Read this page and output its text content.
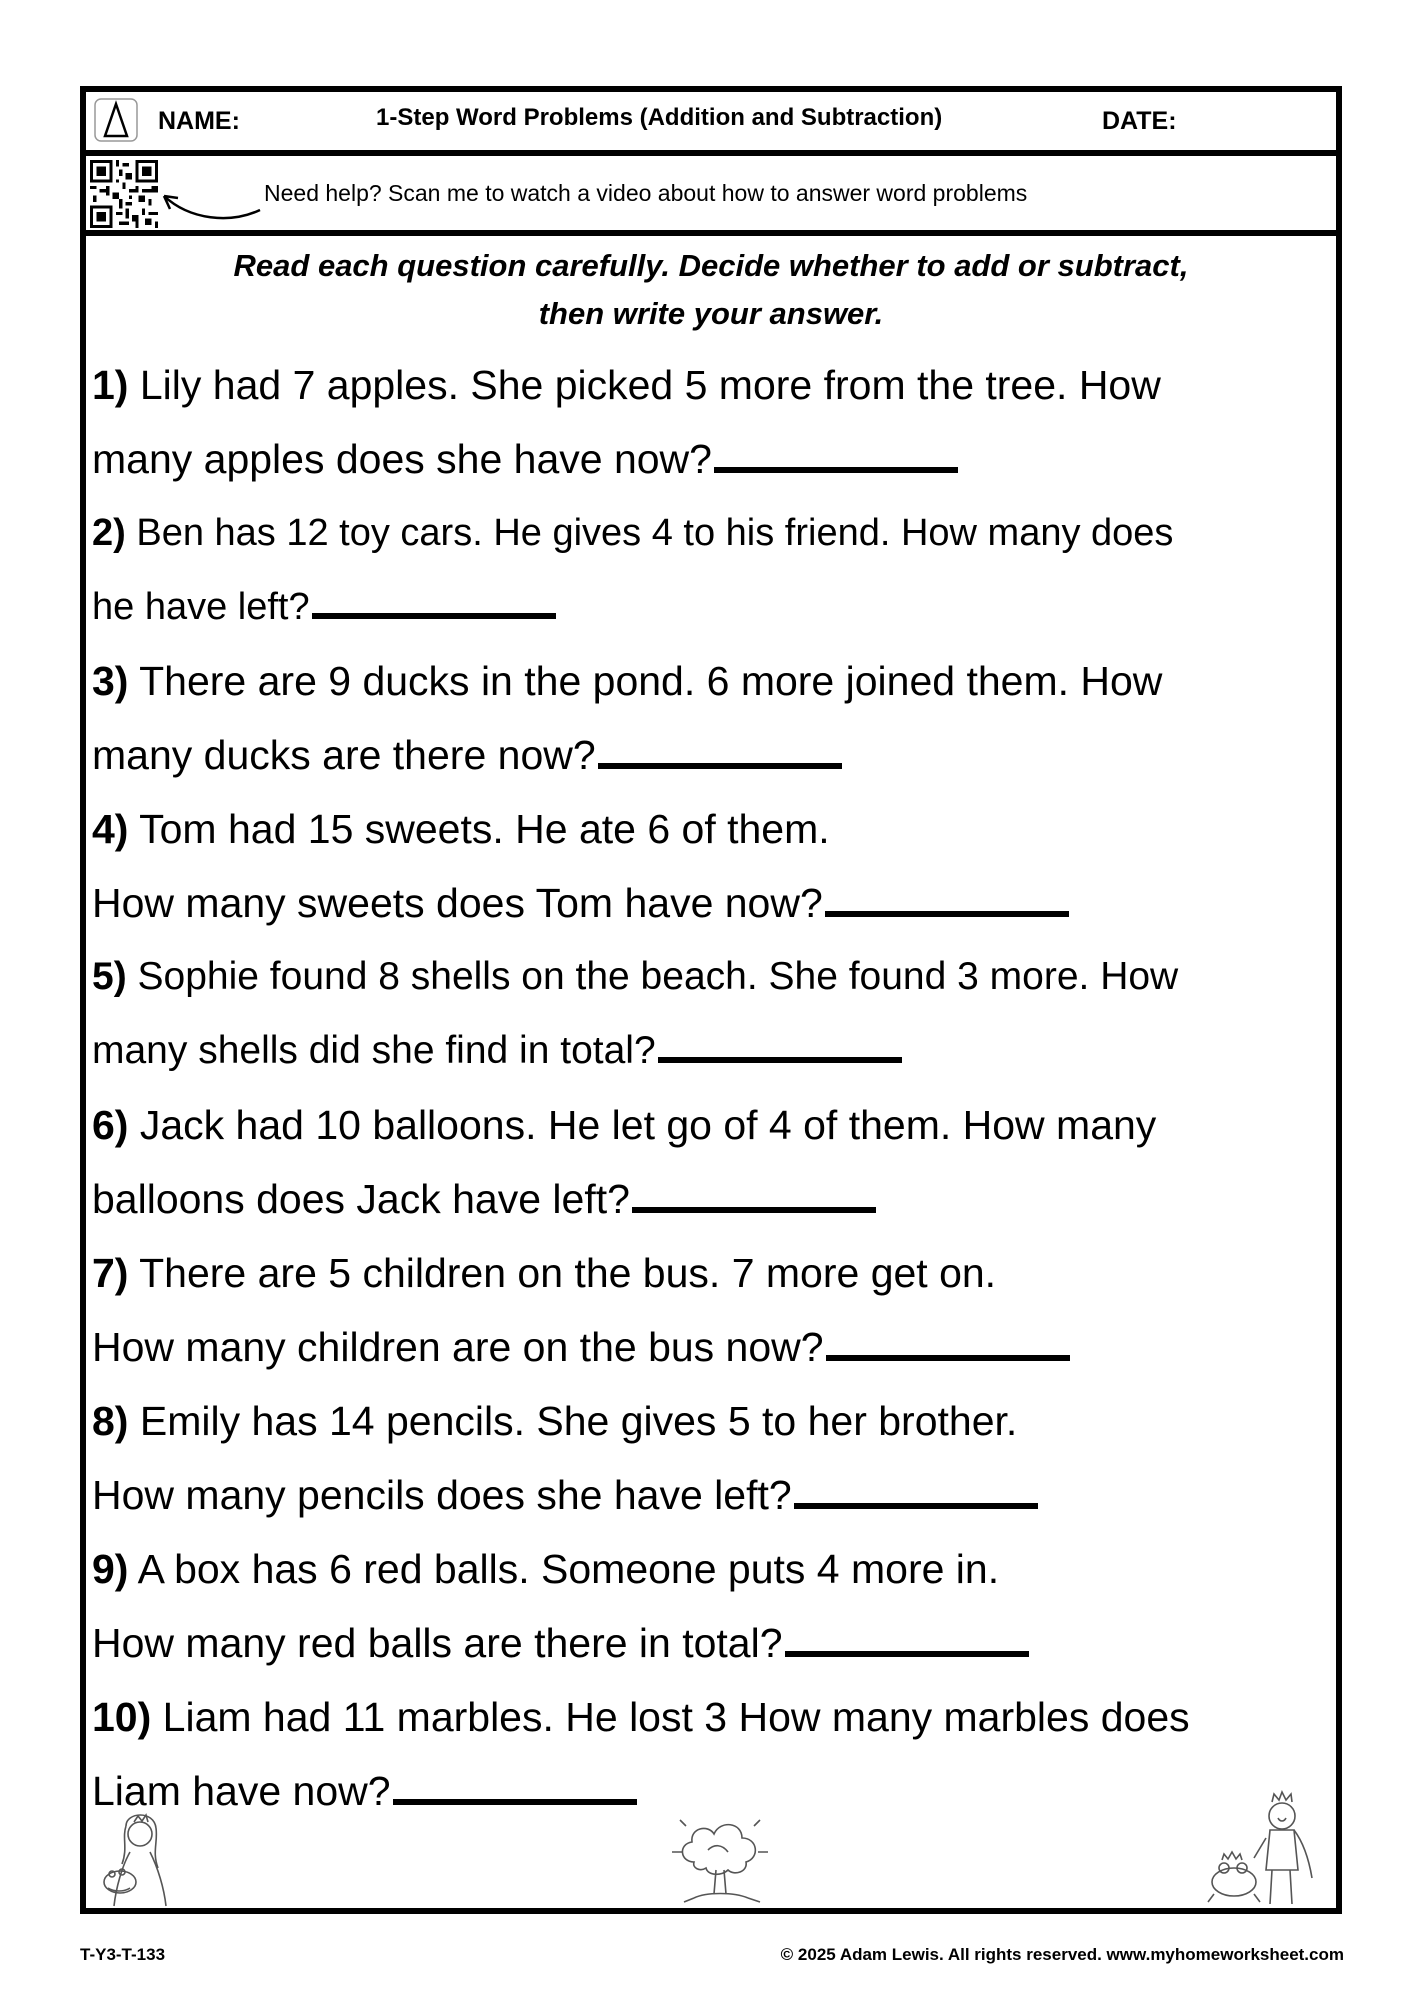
NAME:	1-Step Word Problems (Addition and Subtraction)	DATE:
Need help? Scan me to watch a video about how to answer word problems
Read each question carefully. Decide whether to add or subtract,
then write your answer.
1) Lily had 7 apples. She picked 5 more from the tree. How
many apples does she have now?
2) Ben has 12 toy cars. He gives 4 to his friend. How many does
he have left?
3) There are 9 ducks in the pond. 6 more joined them. How
many ducks are there now?
4) Tom had 15 sweets. He ate 6 of them.
How many sweets does Tom have now?
5) Sophie found 8 shells on the beach. She found 3 more. How
many shells did she find in total?
6) Jack had 10 balloons. He let go of 4 of them. How many
balloons does Jack have left?
7) There are 5 children on the bus. 7 more get on.
How many children are on the bus now?
8) Emily has 14 pencils. She gives 5 to her brother.
How many pencils does she have left?
9) A box has 6 red balls. Someone puts 4 more in.
How many red balls are there in total?
10) Liam had 11 marbles. He lost 3 How many marbles does
Liam have now?
T-Y3-T-133	© 2025 Adam Lewis. All rights reserved. www.myhomeworksheet.com
